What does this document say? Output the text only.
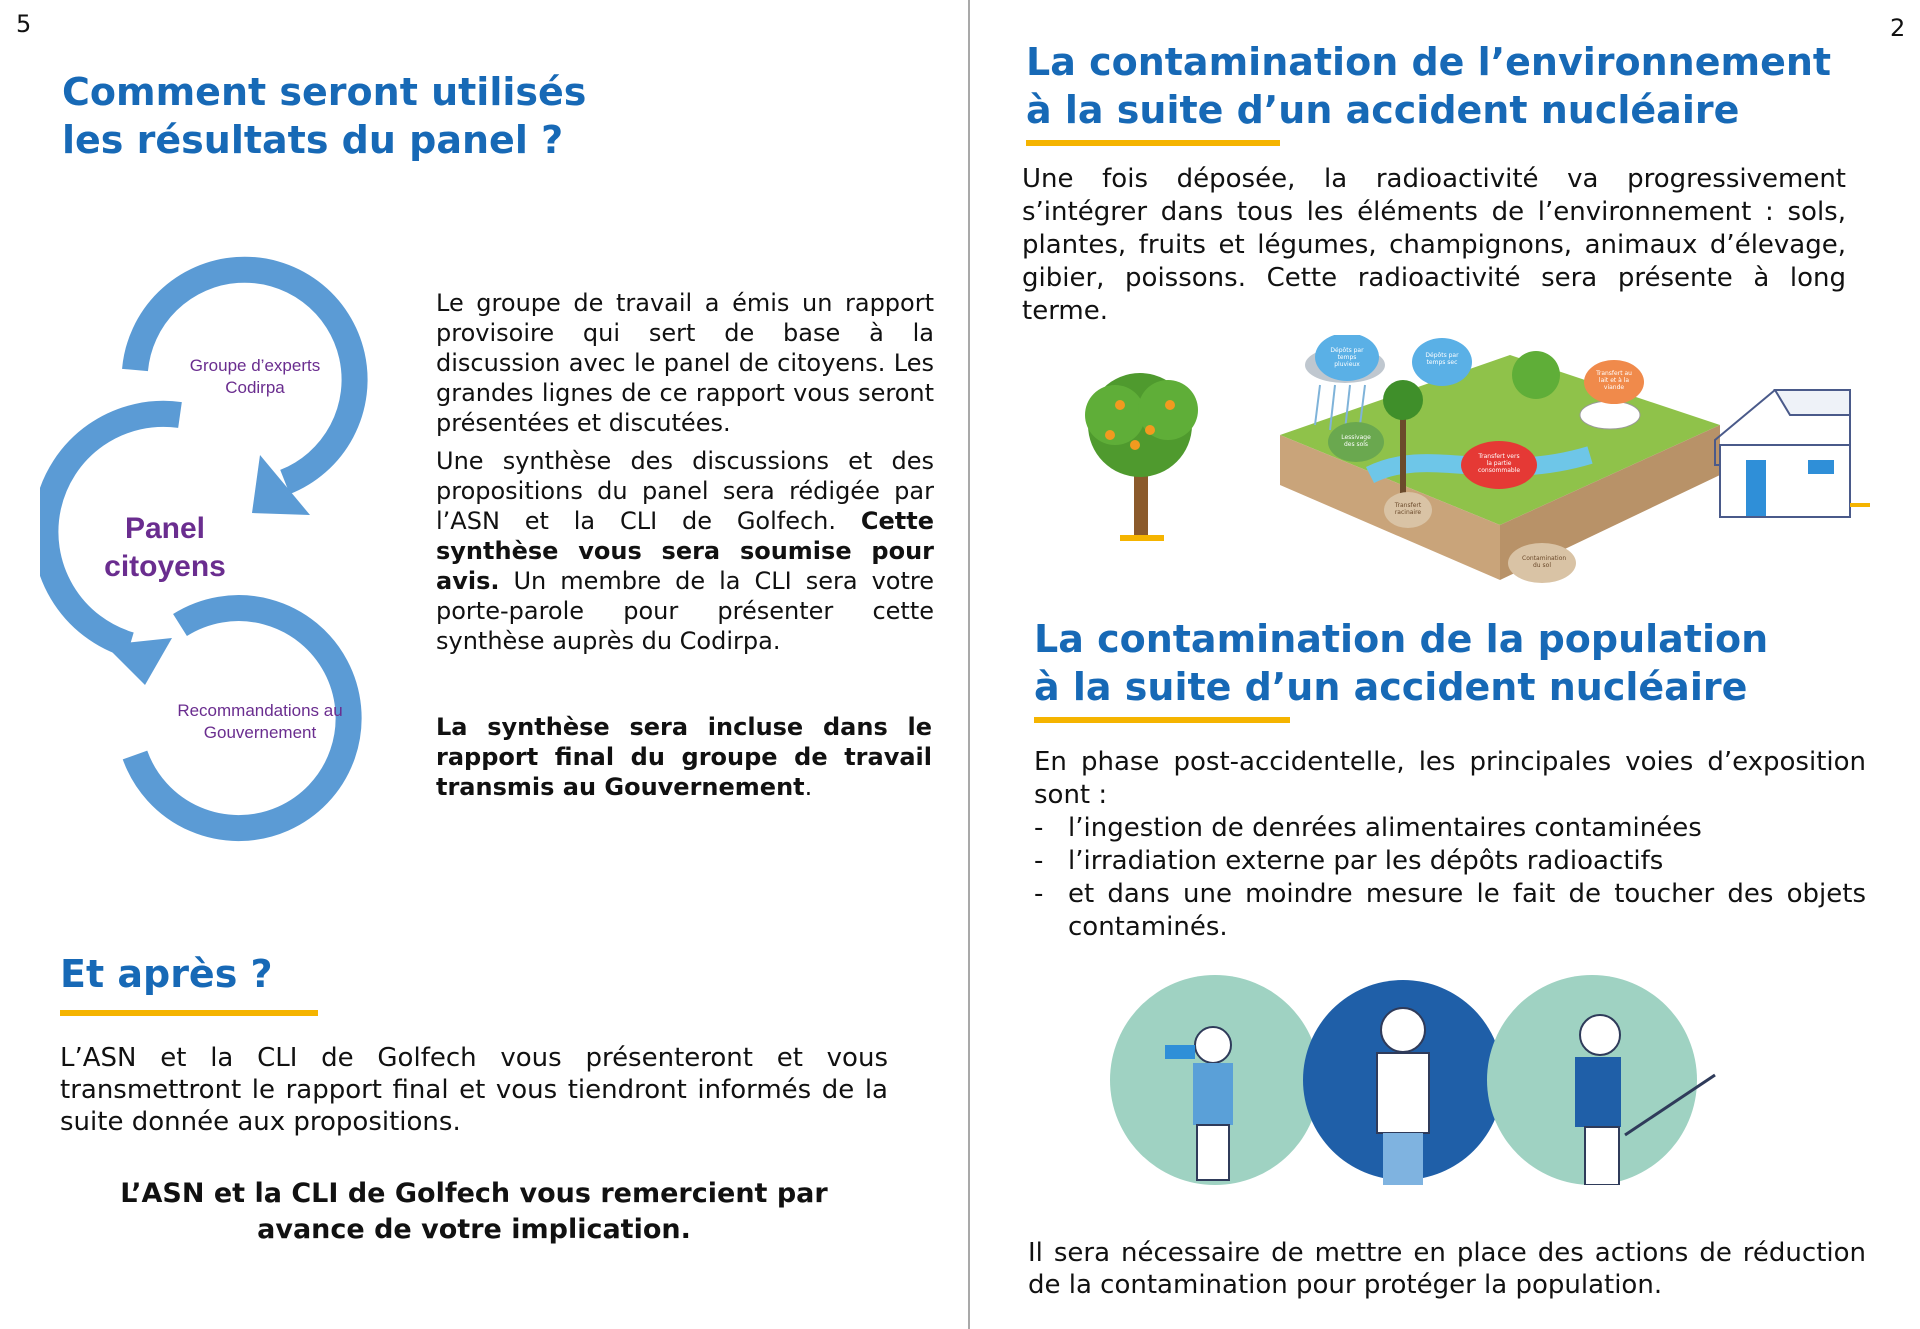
5	2
Comment seront utilisés les résultats du panel ?
Groupe d’experts Codirpa
Panel citoyens
Recommandations au Gouvernement

Le groupe de travail a émis un rapport provisoire qui sert de base à la discussion avec le panel de citoyens. Les grandes lignes de ce rapport vous seront présentées et discutées.

Une synthèse des discussions et des propositions du panel sera rédigée par l’ASN et la CLI de Golfech. Cette synthèse vous sera soumise pour avis. Un membre de la CLI sera votre porte-parole pour présenter cette synthèse auprès du Codirpa.

La synthèse sera incluse dans le rapport final du groupe de travail transmis au Gouvernement.
Et après ?
L’ASN et la CLI de Golfech vous présenteront et vous transmettront le rapport final et vous tiendront informés de la suite donnée aux propositions.
L’ASN et la CLI de Golfech vous remercient par avance de votre implication.
La contamination de l’environnement
à la suite d’un accident nucléaire
Une fois déposée, la radioactivité va progressivement s’intégrer dans tous les éléments de l’environnement : sols, plantes, fruits et légumes, champignons, animaux d’élevage, gibier, poissons. Cette radioactivité sera présente à long terme.
Dépôts par temps pluvieux
Dépôts par temps sec
Transfert au lait et à la viande
Lessivage des sols
Transfert vers la partie consommable
Transfert racinaire
Contamination du sol
La contamination de la population
à la suite d’un accident nucléaire
En phase post-accidentelle, les principales voies d’exposition sont :
- l’ingestion de denrées alimentaires contaminées
- l’irradiation externe par les dépôts radioactifs
- et dans une moindre mesure le fait de toucher des objets contaminés.
Il sera nécessaire de mettre en place des actions de réduction de la contamination pour protéger la population.
